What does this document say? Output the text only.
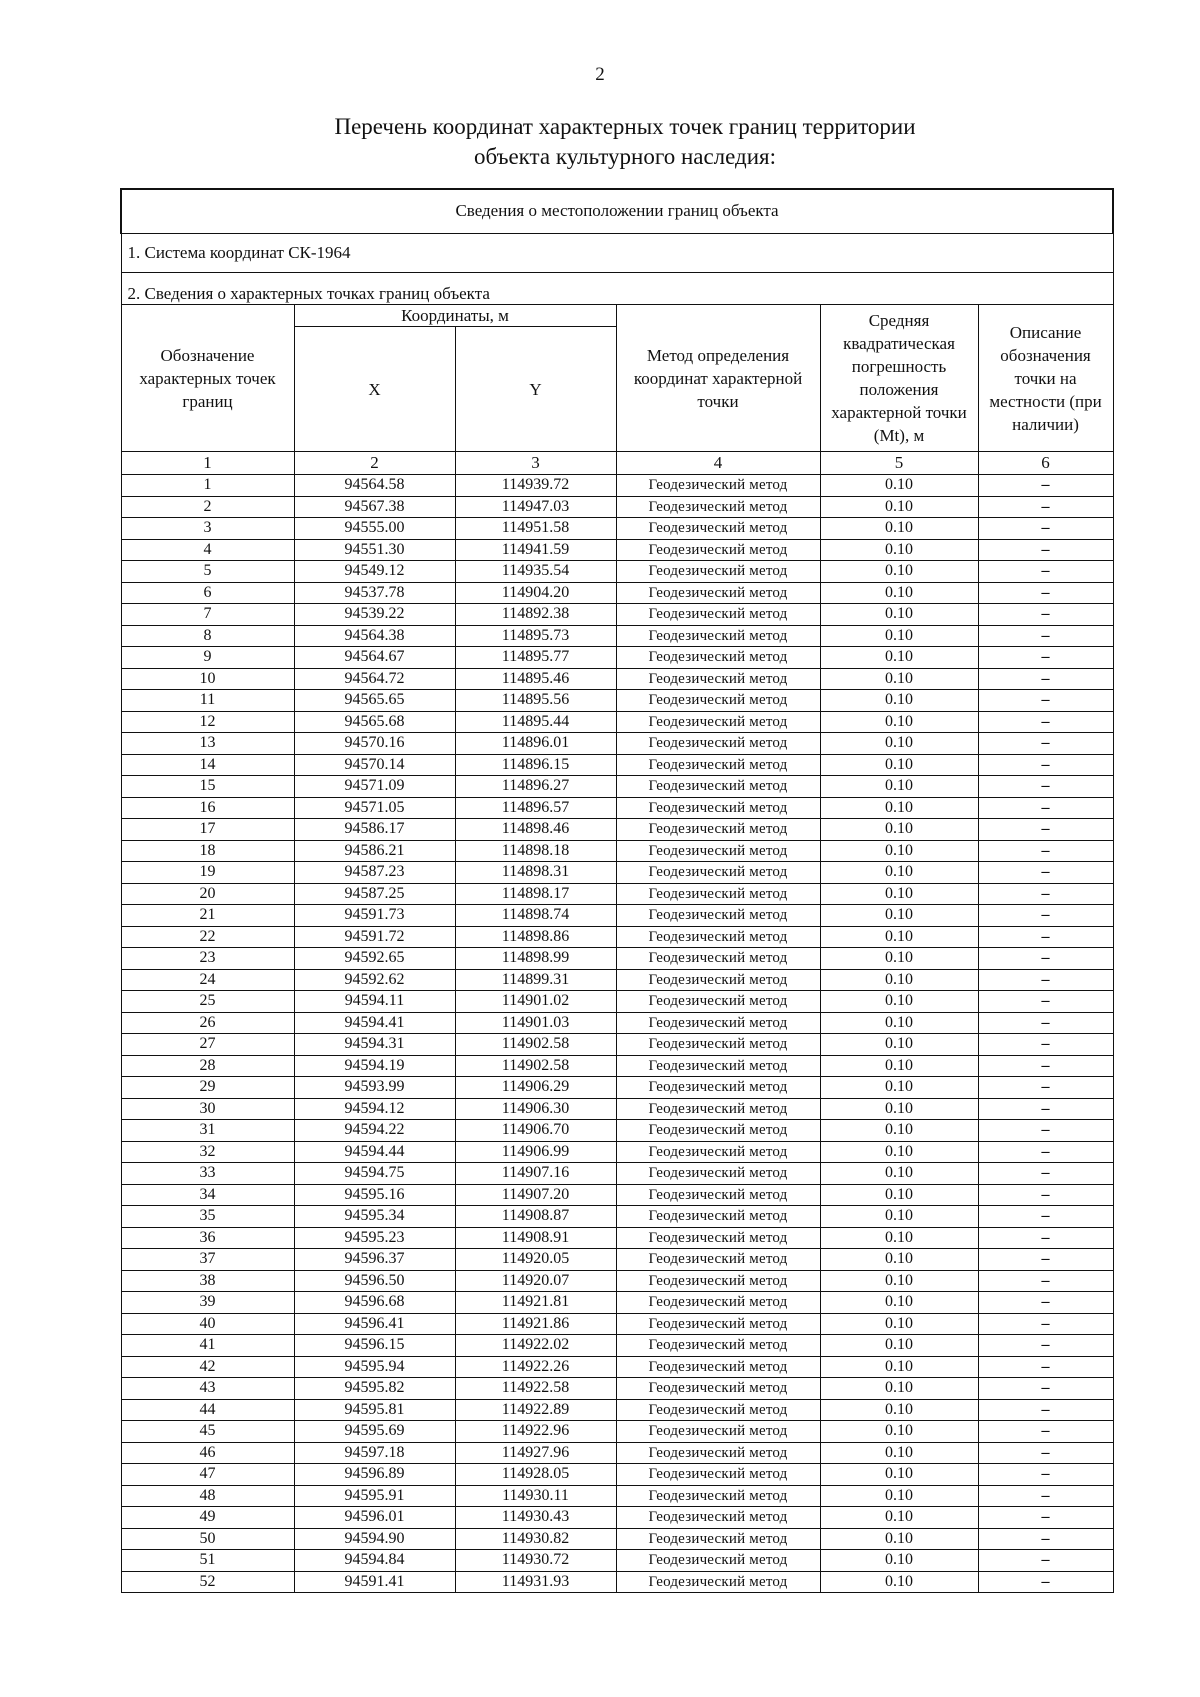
2
Перечень координат характерных точек границ территории
объекта культурного наследия:
Сведения о местоположении границ объекта					
1. Система координат СК-1964					
2. Сведения о характерных точках границ объекта					
Обозначение характерных точек границ	Координаты, м		Метод определения координат характерной точки	Средняя квадратическая погрешность положения характерной точки (Mt), м	Описание обозначения точки на местности (при наличии)
	X	Y			
1	2	3	4	5	6
1	94564.58	114939.72	Геодезический метод	0.10	–
2	94567.38	114947.03	Геодезический метод	0.10	–
3	94555.00	114951.58	Геодезический метод	0.10	–
4	94551.30	114941.59	Геодезический метод	0.10	–
5	94549.12	114935.54	Геодезический метод	0.10	–
6	94537.78	114904.20	Геодезический метод	0.10	–
7	94539.22	114892.38	Геодезический метод	0.10	–
8	94564.38	114895.73	Геодезический метод	0.10	–
9	94564.67	114895.77	Геодезический метод	0.10	–
10	94564.72	114895.46	Геодезический метод	0.10	–
11	94565.65	114895.56	Геодезический метод	0.10	–
12	94565.68	114895.44	Геодезический метод	0.10	–
13	94570.16	114896.01	Геодезический метод	0.10	–
14	94570.14	114896.15	Геодезический метод	0.10	–
15	94571.09	114896.27	Геодезический метод	0.10	–
16	94571.05	114896.57	Геодезический метод	0.10	–
17	94586.17	114898.46	Геодезический метод	0.10	–
18	94586.21	114898.18	Геодезический метод	0.10	–
19	94587.23	114898.31	Геодезический метод	0.10	–
20	94587.25	114898.17	Геодезический метод	0.10	–
21	94591.73	114898.74	Геодезический метод	0.10	–
22	94591.72	114898.86	Геодезический метод	0.10	–
23	94592.65	114898.99	Геодезический метод	0.10	–
24	94592.62	114899.31	Геодезический метод	0.10	–
25	94594.11	114901.02	Геодезический метод	0.10	–
26	94594.41	114901.03	Геодезический метод	0.10	–
27	94594.31	114902.58	Геодезический метод	0.10	–
28	94594.19	114902.58	Геодезический метод	0.10	–
29	94593.99	114906.29	Геодезический метод	0.10	–
30	94594.12	114906.30	Геодезический метод	0.10	–
31	94594.22	114906.70	Геодезический метод	0.10	–
32	94594.44	114906.99	Геодезический метод	0.10	–
33	94594.75	114907.16	Геодезический метод	0.10	–
34	94595.16	114907.20	Геодезический метод	0.10	–
35	94595.34	114908.87	Геодезический метод	0.10	–
36	94595.23	114908.91	Геодезический метод	0.10	–
37	94596.37	114920.05	Геодезический метод	0.10	–
38	94596.50	114920.07	Геодезический метод	0.10	–
39	94596.68	114921.81	Геодезический метод	0.10	–
40	94596.41	114921.86	Геодезический метод	0.10	–
41	94596.15	114922.02	Геодезический метод	0.10	–
42	94595.94	114922.26	Геодезический метод	0.10	–
43	94595.82	114922.58	Геодезический метод	0.10	–
44	94595.81	114922.89	Геодезический метод	0.10	–
45	94595.69	114922.96	Геодезический метод	0.10	–
46	94597.18	114927.96	Геодезический метод	0.10	–
47	94596.89	114928.05	Геодезический метод	0.10	–
48	94595.91	114930.11	Геодезический метод	0.10	–
49	94596.01	114930.43	Геодезический метод	0.10	–
50	94594.90	114930.82	Геодезический метод	0.10	–
51	94594.84	114930.72	Геодезический метод	0.10	–
52	94591.41	114931.93	Геодезический метод	0.10	–
